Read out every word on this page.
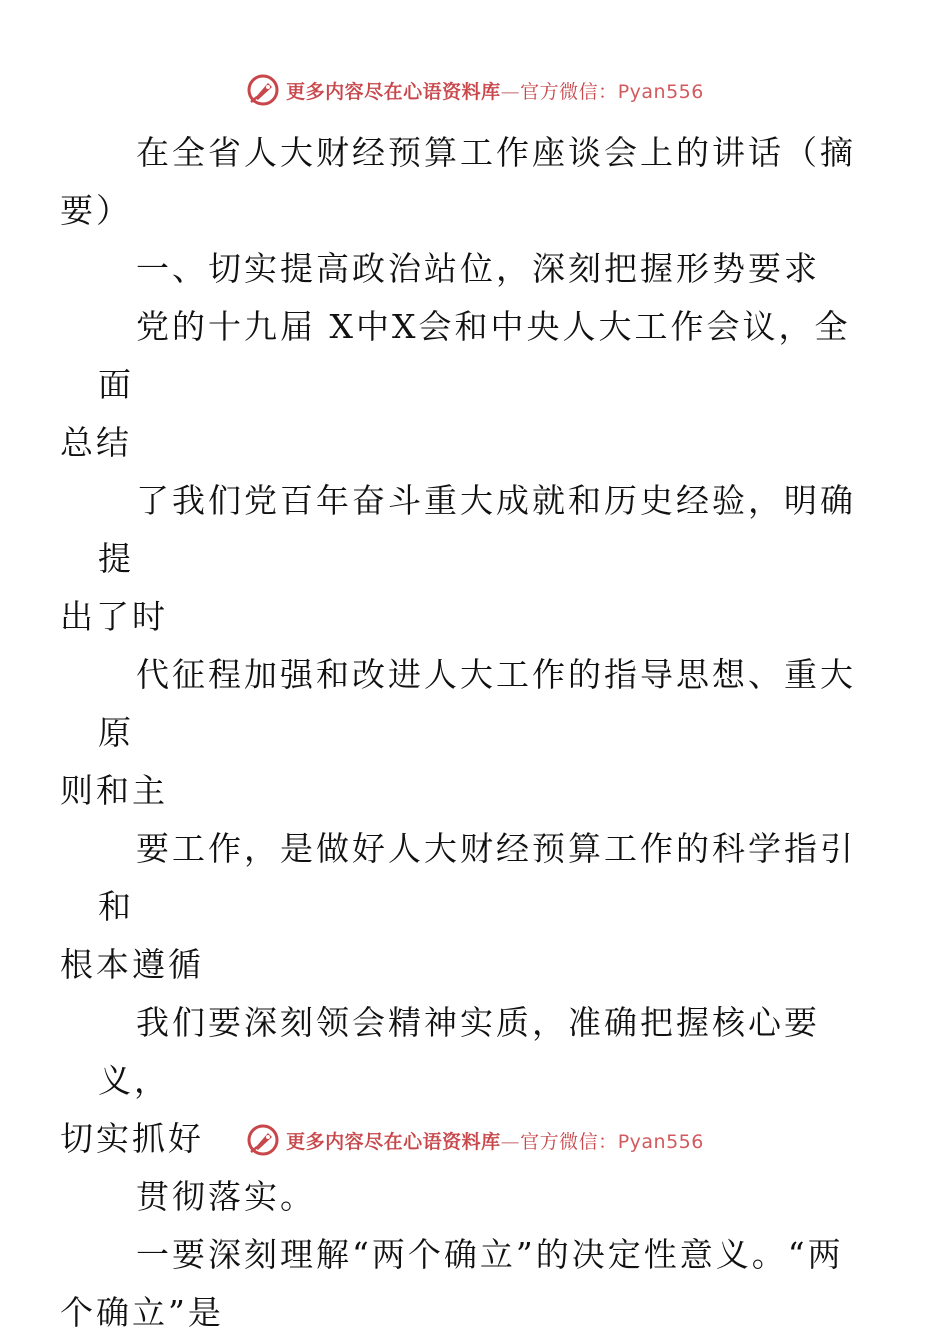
更多内容尽在心语资料库—官方微信：Pyan556

在全省人大财经预算工作座谈会上的讲话（摘
要）

一、切实提高政治站位，深刻把握形势要求

党的十九届 X中X会和中央人大工作会议，全面
总结

了我们党百年奋斗重大成就和历史经验，明确提
出了时

代征程加强和改进人大工作的指导思想、重大原
则和主

要工作，是做好人大财经预算工作的科学指引和
根本遵循

我们要深刻领会精神实质，准确把握核心要义，
切实抓好

贯彻落实。

一要深刻理解“两个确立”的决定性意义。“两
个确立”是

更多内容尽在心语资料库—官方微信：Pyan556
